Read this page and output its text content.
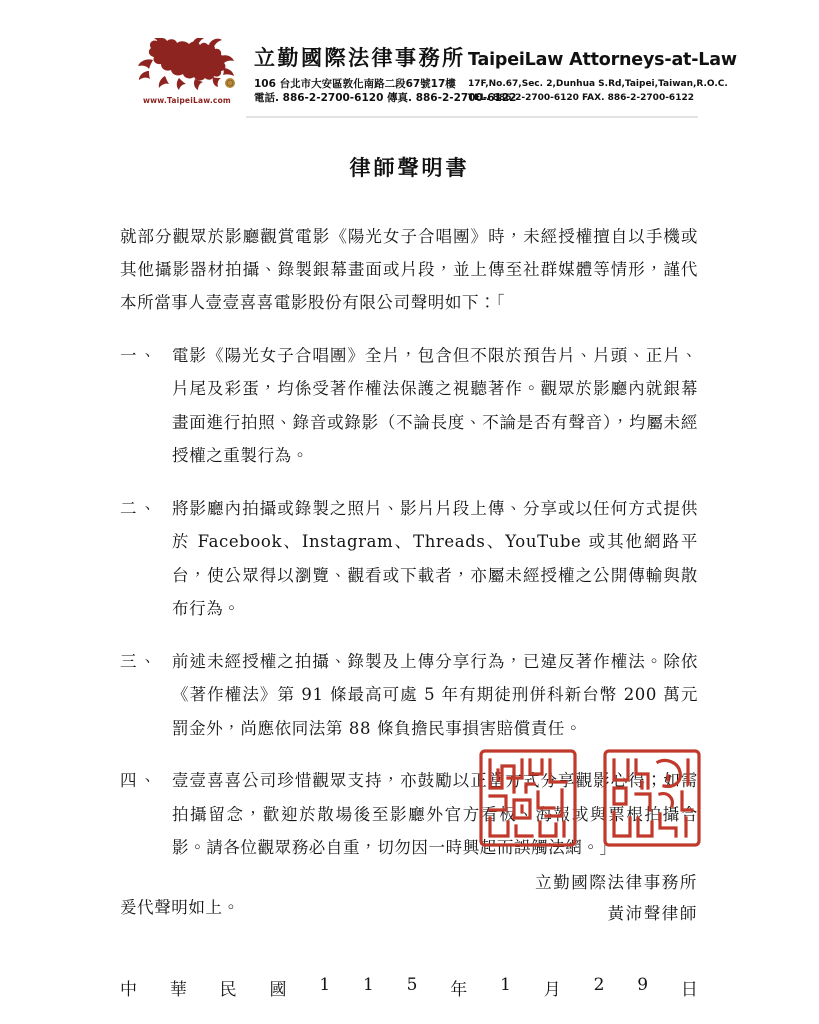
www.TaipeiLaw.com
立勤國際法律事務所 TaipeiLaw Attorneys-at-Law
106 台北市大安區敦化南路二段67號17樓
電話. 886-2-2700-6120 傳真. 886-2-2700-6122
17F,No.67,Sec. 2,Dunhua S.Rd,Taipei,Taiwan,R.O.C.
TEL. 886-2-2700-6120 FAX. 886-2-2700-6122
律師聲明書

就部分觀眾於影廳觀賞電影《陽光女子合唱團》時，未經授權擅自以手機或其他攝影器材拍攝、錄製銀幕畫面或片段，並上傳至社群媒體等情形，謹代本所當事人壹壹喜喜電影股份有限公司聲明如下：「

一、 電影《陽光女子合唱團》全片，包含但不限於預告片、片頭、正片、片尾及彩蛋，均係受著作權法保護之視聽著作。觀眾於影廳內就銀幕畫面進行拍照、錄音或錄影（不論長度、不論是否有聲音），均屬未經授權之重製行為。
二、 將影廳內拍攝或錄製之照片、影片片段上傳、分享或以任何方式提供於 Facebook、Instagram、Threads、YouTube 或其他網路平台，使公眾得以瀏覽、觀看或下載者，亦屬未經授權之公開傳輸與散布行為。
三、 前述未經授權之拍攝、錄製及上傳分享行為，已違反著作權法。除依《著作權法》第 91 條最高可處 5 年有期徒刑併科新台幣 200 萬元罰金外，尚應依同法第 88 條負擔民事損害賠償責任。
四、 壹壹喜喜公司珍惜觀眾支持，亦鼓勵以正當方式分享觀影心得；如需拍攝留念，歡迎於散場後至影廳外官方看板、海報或與票根拍攝合影。請各位觀眾務必自重，切勿因一時興起而誤觸法網。」

爰代聲明如上。

立勤國際法律事務所
黃沛聲律師
中 華 民 國 1 1 5 年 1 月 2 9 日
